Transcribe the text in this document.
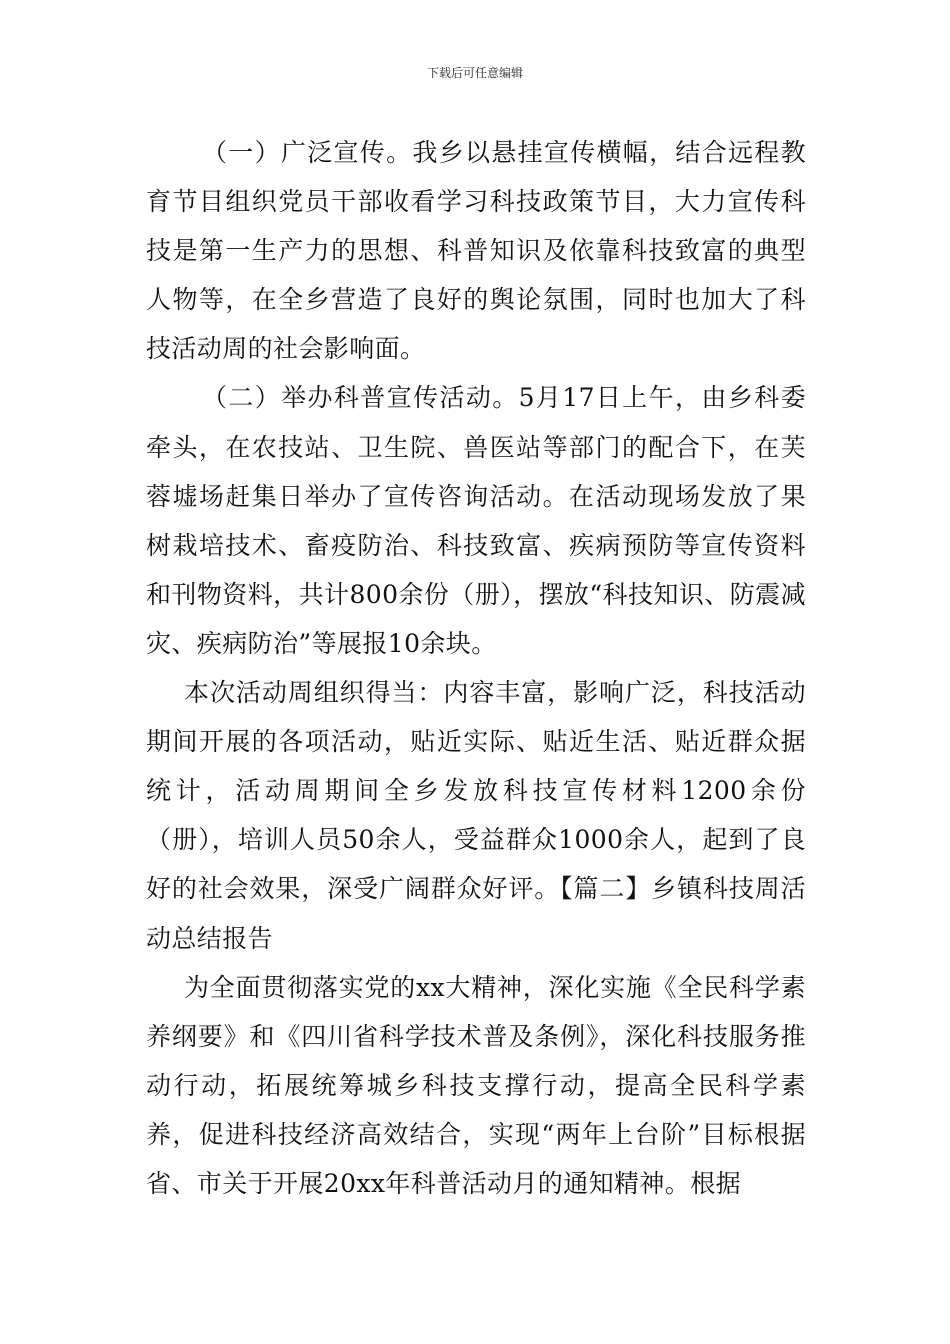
下载后可任意编辑

（一）广泛宣传。我乡以悬挂宣传横幅，结合远程教育节目组织党员干部收看学习科技政策节目，大力宣传科技是第一生产力的思想、科普知识及依靠科技致富的典型人物等，在全乡营造了良好的舆论氛围，同时也加大了科技活动周的社会影响面。

（二）举办科普宣传活动。5月17日上午，由乡科委牵头，在农技站、卫生院、兽医站等部门的配合下，在芙蓉墟场赶集日举办了宣传咨询活动。在活动现场发放了果树栽培技术、畜疫防治、科技致富、疾病预防等宣传资料和刊物资料，共计800余份（册），摆放“科技知识、防震减灾、疾病防治”等展报10余块。

本次活动周组织得当：内容丰富，影响广泛，科技活动期间开展的各项活动，贴近实际、贴近生活、贴近群众据统计，活动周期间全乡发放科技宣传材料1200余份（册），培训人员50余人，受益群众1000余人，起到了良好的社会效果，深受广阔群众好评。【篇二】乡镇科技周活动总结报告

为全面贯彻落实党的xx大精神，深化实施《全民科学素养纲要》和《四川省科学技术普及条例》，深化科技服务推动行动，拓展统筹城乡科技支撑行动，提高全民科学素养，促进科技经济高效结合，实现“两年上台阶”目标根据省、市关于开展20xx年科普活动月的通知精神。根据
